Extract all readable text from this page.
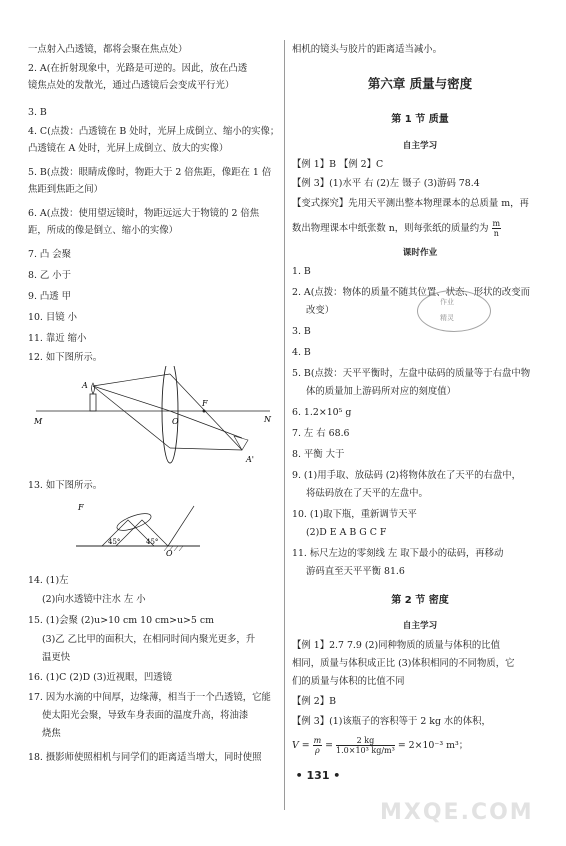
一点射入凸透镜，都将会聚在焦点处）
2. A(在折射现象中，光路是可逆的。因此，放在凸透
镜焦点处的发散光，通过凸透镜后会变成平行光）
3. B
4. C(点拨：凸透镜在 B 处时，光屏上成倒立、缩小的实像；
凸透镜在 A 处时，光屏上成倒立、放大的实像）
5. B(点拨：眼睛成像时，物距大于 2 倍焦距，像距在 1 倍
焦距到焦距之间）
6. A(点拨：使用望远镜时，物距远远大于物镜的 2 倍焦
距，所成的像是倒立、缩小的实像）
7. 凸 会聚
8. 乙 小于
9. 凸透 甲
10. 目镜 小
11. 靠近 缩小
12. 如下图所示。
A
M	N
F
O
A'
13. 如下图所示。
F
O
45°	45°
14. (1)左
(2)向水透镜中注水 左 小
15. (1)会聚 (2)u>10 cm 10 cm>u>5 cm
(3)乙 乙比甲的面积大，在相同时间内聚光更多，升
温更快
16. (1)C (2)D (3)近视眼，凹透镜
17. 因为水滴的中间厚，边缘薄，相当于一个凸透镜，它能
使太阳光会聚，导致车身表面的温度升高，将油漆
烧焦
18. 摄影师使照相机与同学们的距离适当增大，同时使照
相机的镜头与胶片的距离适当减小。
第六章 质量与密度
第 1 节 质量
自主学习
【例 1】B 【例 2】C
【例 3】(1)水平 右 (2)左 镊子 (3)游码 78.4
【变式探究】先用天平测出整本物理课本的总质量 m，再
数出物理课本中纸张数 n，则每张纸的质量约为 $\frac{m}{n}$
课时作业
1. B
2. A(点拨：物体的质量不随其位置、状态、形状的改变而
改变）
3. B
4. B
5. B(点拨：天平平衡时，左盘中砝码的质量等于右盘中物
体的质量加上游码所对应的刻度值）
6. 1.2×10⁵ g
7. 左 右 68.6
8. 平衡 大于
9. (1)用手取、放砝码 (2)将物体放在了天平的右盘中，
将砝码放在了天平的左盘中。
10. (1)取下瓶，重新调节天平
(2)D E A B G C F
11. 标尺左边的零刻线 左 取下最小的砝码，再移动
游码直至天平平衡 81.6
第 2 节 密度
自主学习
【例 1】2.7 7.9 (2)同种物质的质量与体积的比值
相同，质量与体积成正比 (3)体积相同的不同物质，它
们的质量与体积的比值不同
【例 2】B
【例 3】(1)该瓶子的容积等于 2 kg 水的体积，
$V = \frac{m}{\rho} = \frac{2 kg}{\text{1.0×10³ kg/m³}} = 2\times 10^{-3}$ m³；
• 131 •
作业
精灵
MXQE.COM
